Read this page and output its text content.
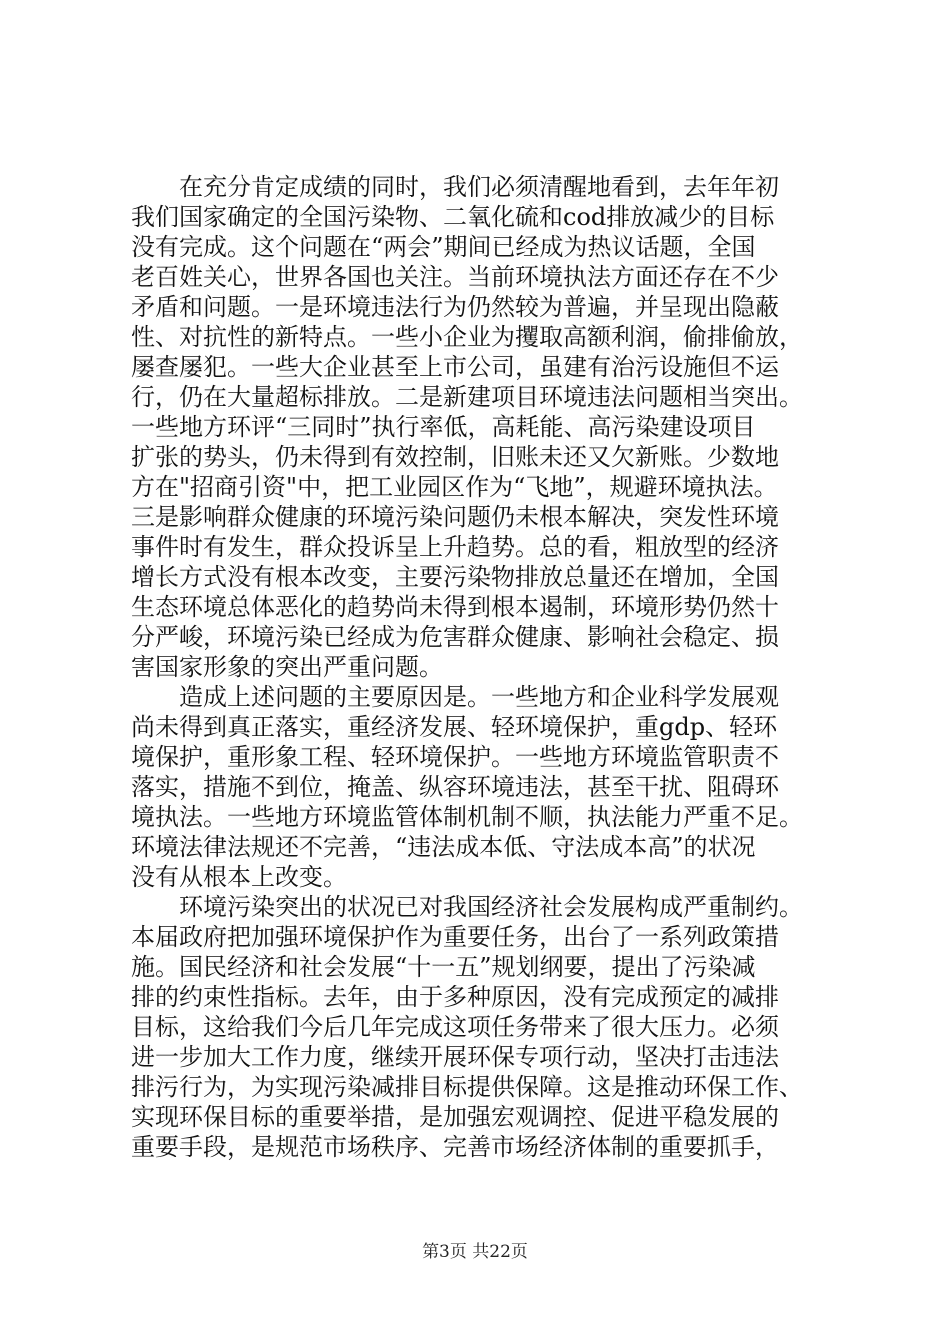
　　在充分肯定成绩的同时，我们必须清醒地看到，去年年初
我们国家确定的全国污染物、二氧化硫和cod排放减少的目标
没有完成。这个问题在“两会”期间已经成为热议话题，全国
老百姓关心，世界各国也关注。当前环境执法方面还存在不少
矛盾和问题。一是环境违法行为仍然较为普遍，并呈现出隐蔽
性、对抗性的新特点。一些小企业为攫取高额利润，偷排偷放，
屡查屡犯。一些大企业甚至上市公司，虽建有治污设施但不运
行，仍在大量超标排放。二是新建项目环境违法问题相当突出。
一些地方环评“三同时”执行率低，高耗能、高污染建设项目
扩张的势头，仍未得到有效控制，旧账未还又欠新账。少数地
方在"招商引资"中，把工业园区作为“飞地”，规避环境执法。
三是影响群众健康的环境污染问题仍未根本解决，突发性环境
事件时有发生，群众投诉呈上升趋势。总的看，粗放型的经济
增长方式没有根本改变，主要污染物排放总量还在增加，全国
生态环境总体恶化的趋势尚未得到根本遏制，环境形势仍然十
分严峻，环境污染已经成为危害群众健康、影响社会稳定、损
害国家形象的突出严重问题。
　　造成上述问题的主要原因是。一些地方和企业科学发展观
尚未得到真正落实，重经济发展、轻环境保护，重gdp、轻环
境保护，重形象工程、轻环境保护。一些地方环境监管职责不
落实，措施不到位，掩盖、纵容环境违法，甚至干扰、阻碍环
境执法。一些地方环境监管体制机制不顺，执法能力严重不足。
环境法律法规还不完善，“违法成本低、守法成本高”的状况
没有从根本上改变。
　　环境污染突出的状况已对我国经济社会发展构成严重制约。
本届政府把加强环境保护作为重要任务，出台了一系列政策措
施。国民经济和社会发展“十一五”规划纲要，提出了污染减
排的约束性指标。去年，由于多种原因，没有完成预定的减排
目标，这给我们今后几年完成这项任务带来了很大压力。必须
进一步加大工作力度，继续开展环保专项行动，坚决打击违法
排污行为，为实现污染减排目标提供保障。这是推动环保工作、
实现环保目标的重要举措，是加强宏观调控、促进平稳发展的
重要手段，是规范市场秩序、完善市场经济体制的重要抓手，
第3页 共22页
